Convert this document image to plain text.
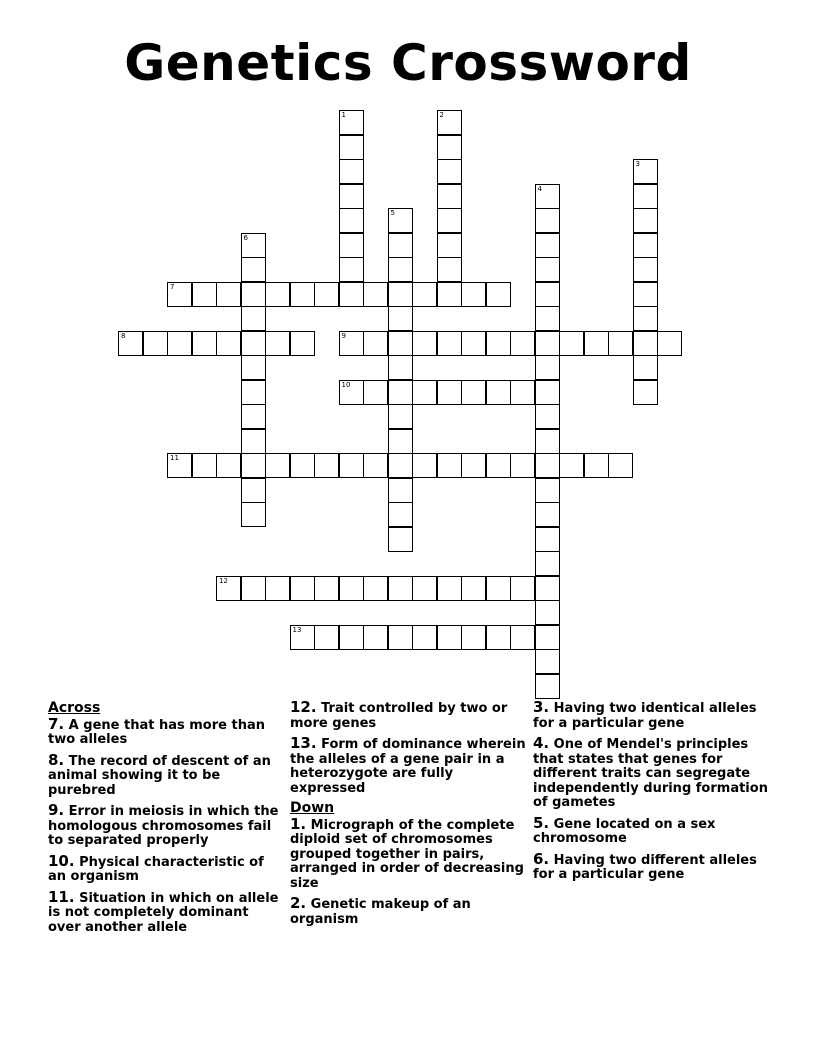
Genetics Crossword
1	2
3
4
5
6
7
8	9
10
11
12
13
Across
7. A gene that has more than two alleles
8. The record of descent of an animal showing it to be purebred
9. Error in meiosis in which the homologous chromosomes fail to separated properly
10. Physical characteristic of an organism
11. Situation in which on allele is not completely dominant over another allele
12. Trait controlled by two or more genes
13. Form of dominance wherein the alleles of a gene pair in a heterozygote are fully expressed
Down
1. Micrograph of the complete diploid set of chromosomes grouped together in pairs, arranged in order of decreasing size
2. Genetic makeup of an organism
3. Having two identical alleles for a particular gene
4. One of Mendel's principles that states that genes for different traits can segregate independently during formation of gametes
5. Gene located on a sex chromosome
6. Having two different alleles for a particular gene
